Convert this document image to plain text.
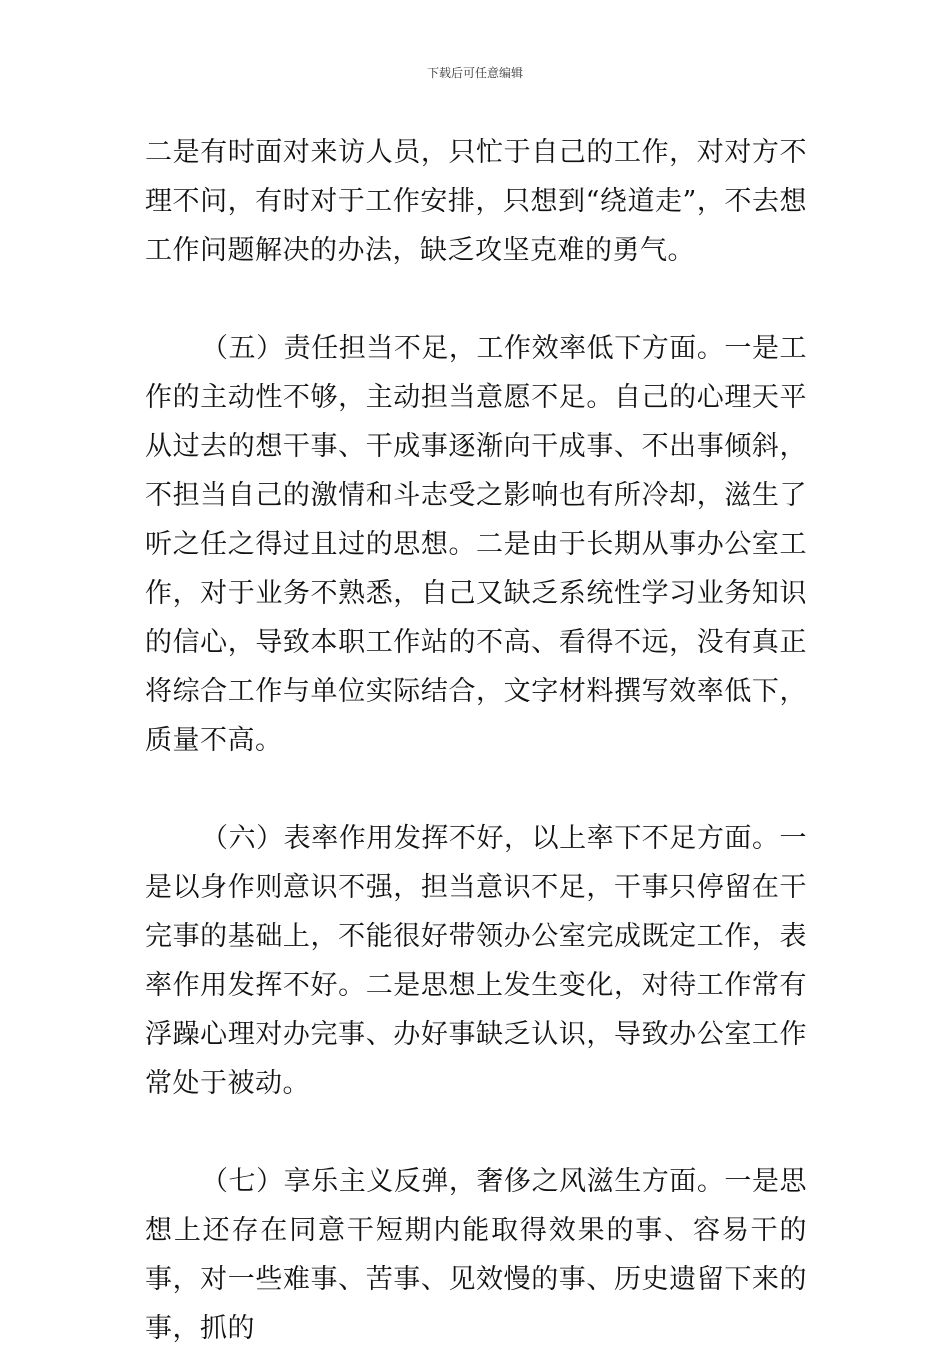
下载后可任意编辑

二是有时面对来访人员，只忙于自己的工作，对对方不理不问，有时对于工作安排，只想到“绕道走”，不去想工作问题解决的办法，缺乏攻坚克难的勇气。

（五）责任担当不足，工作效率低下方面。一是工作的主动性不够，主动担当意愿不足。自己的心理天平从过去的想干事、干成事逐渐向干成事、不出事倾斜，不担当自己的激情和斗志受之影响也有所冷却，滋生了听之任之得过且过的思想。二是由于长期从事办公室工作，对于业务不熟悉，自己又缺乏系统性学习业务知识的信心，导致本职工作站的不高、看得不远，没有真正将综合工作与单位实际结合，文字材料撰写效率低下，质量不高。

（六）表率作用发挥不好，以上率下不足方面。一是以身作则意识不强，担当意识不足，干事只停留在干完事的基础上，不能很好带领办公室完成既定工作，表率作用发挥不好。二是思想上发生变化，对待工作常有浮躁心理对办完事、办好事缺乏认识，导致办公室工作常处于被动。

（七）享乐主义反弹，奢侈之风滋生方面。一是思想上还存在同意干短期内能取得效果的事、容易干的事，对一些难事、苦事、见效慢的事、历史遗留下来的事，抓的
